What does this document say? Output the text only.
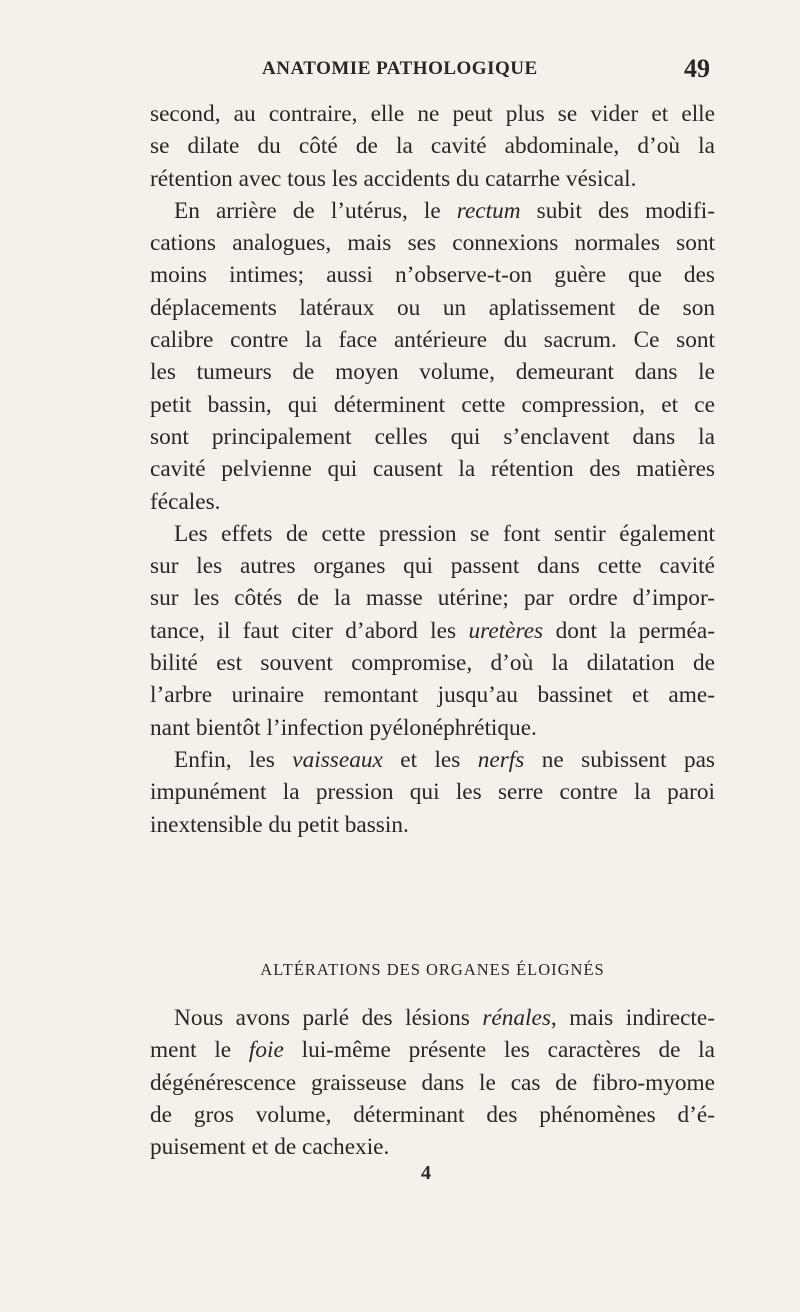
ANATOMIE PATHOLOGIQUE	49
second, au contraire, elle ne peut plus se vider et elle
se dilate du côté de la cavité abdominale, d’où la
rétention avec tous les accidents du catarrhe vésical.
En arrière de l’utérus, le rectum subit des modifi-
cations analogues, mais ses connexions normales sont
moins intimes; aussi n’observe-t-on guère que des
déplacements latéraux ou un aplatissement de son
calibre contre la face antérieure du sacrum. Ce sont
les tumeurs de moyen volume, demeurant dans le
petit bassin, qui déterminent cette compression, et ce
sont principalement celles qui s’enclavent dans la
cavité pelvienne qui causent la rétention des matières
fécales.
Les effets de cette pression se font sentir également
sur les autres organes qui passent dans cette cavité
sur les côtés de la masse utérine; par ordre d’impor-
tance, il faut citer d’abord les uretères dont la perméa-
bilité est souvent compromise, d’où la dilatation de
l’arbre urinaire remontant jusqu’au bassinet et ame-
nant bientôt l’infection pyélonéphrétique.
Enfin, les vaisseaux et les nerfs ne subissent pas
impunément la pression qui les serre contre la paroi
inextensible du petit bassin.
ALTÉRATIONS DES ORGANES ÉLOIGNÉS
Nous avons parlé des lésions rénales, mais indirecte-
ment le foie lui-même présente les caractères de la
dégénérescence graisseuse dans le cas de fibro-myome
de gros volume, déterminant des phénomènes d’é-
puisement et de cachexie.
4
